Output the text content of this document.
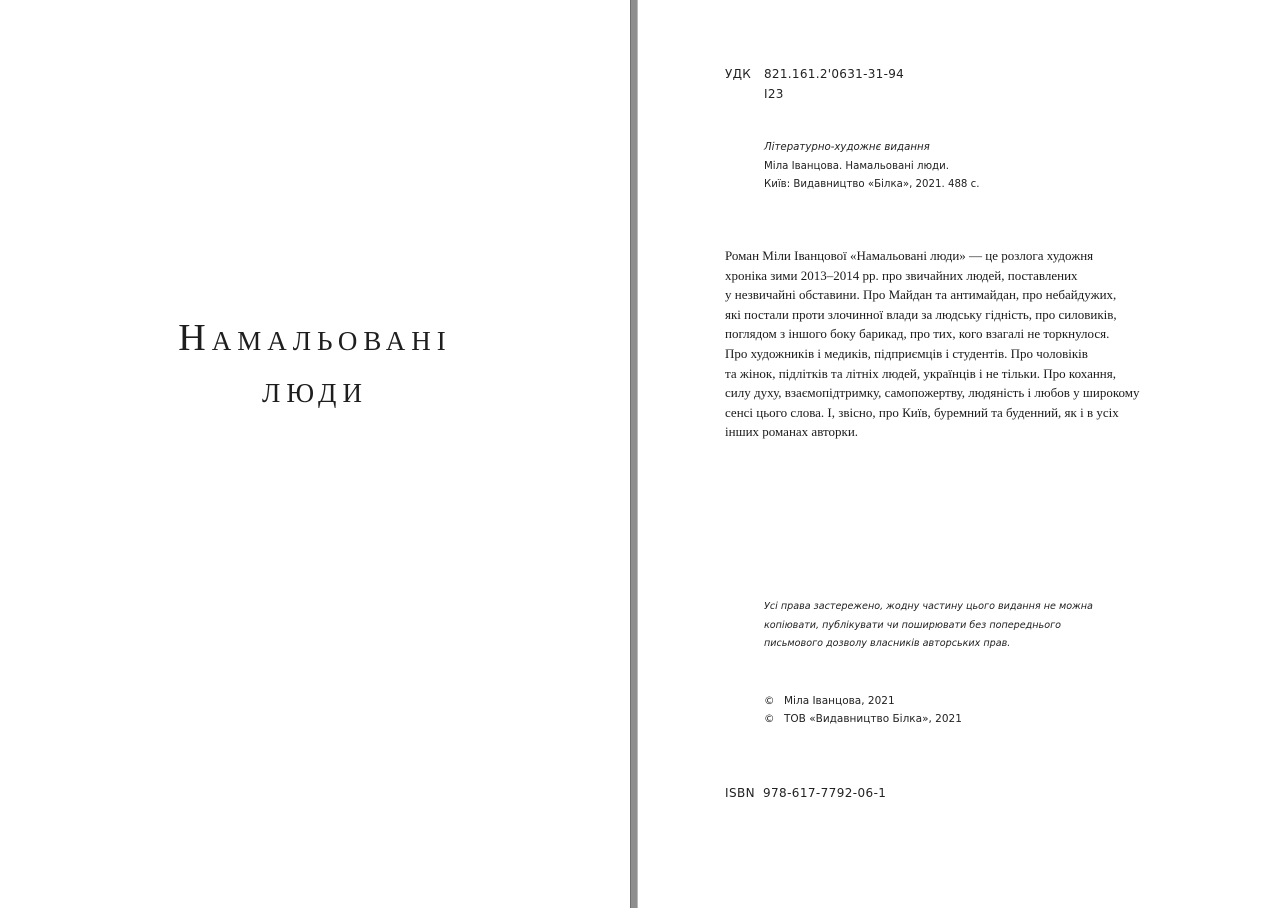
Намальовані
люди
УДК 821.161.2'0631-31-94
І23
Літературно-художнє видання
Міла Іванцова. Намальовані люди.
Київ: Видавництво «Білка», 2021. 488 с.

Роман Міли Іванцової «Намальовані люди» — це розлога художня

хроніка зими 2013–2014 рр. про звичайних людей, поставлених

у незвичайні обставини. Про Майдан та антимайдан, про небайдужих,

які постали проти злочинної влади за людську гідність, про силовиків,

поглядом з іншого боку барикад, про тих, кого взагалі не торкнулося.

Про художників і медиків, підприємців і студентів. Про чоловіків

та жінок, підлітків та літніх людей, українців і не тільки. Про кохання,

силу духу, взаємопідтримку, самопожертву, людяність і любов у широкому

сенсі цього слова. І, звісно, про Київ, буремний та буденний, як і в усіх

інших романах авторки.

Усі права застережено, жодну частину цього видання не можна
копіювати, публікувати чи поширювати без попереднього
письмового дозволу власників авторських прав.
© Міла Іванцова, 2021
© ТОВ «Видавництво Білка», 2021
ISBN 978-617-7792-06-1
